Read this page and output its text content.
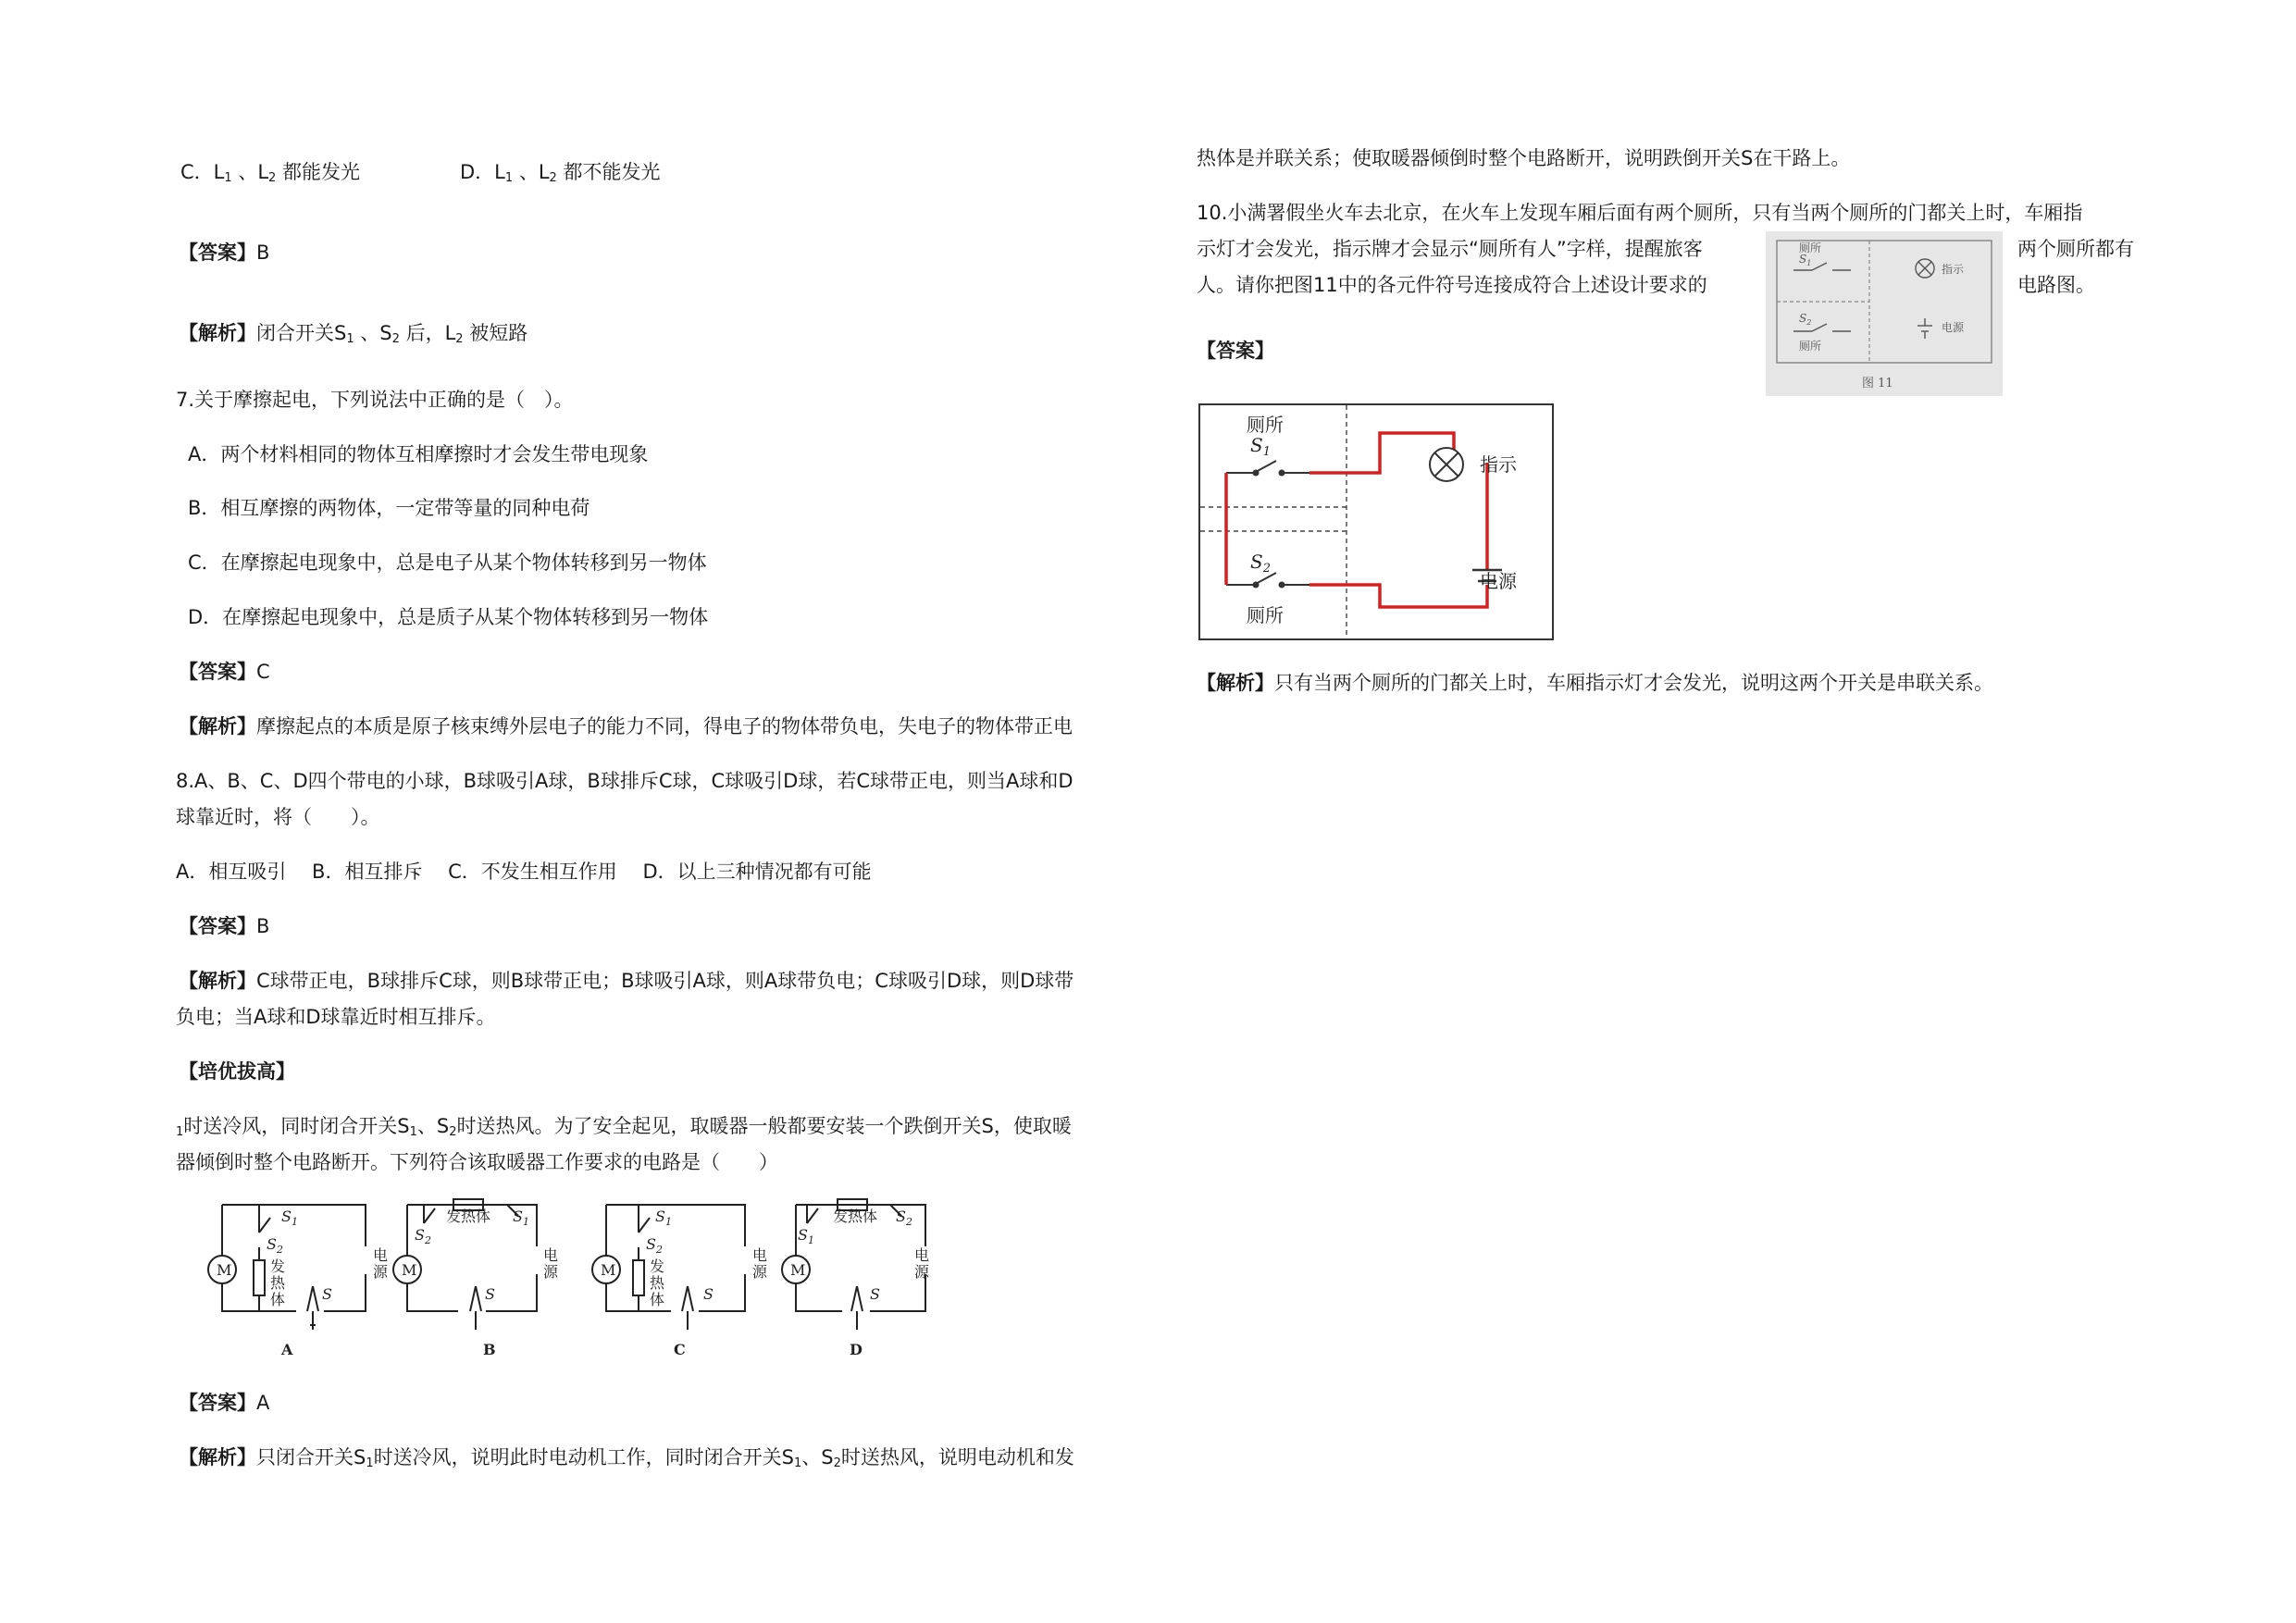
C．$L_1$ 、$L_2$ 都能发光	D．$L_1$ 、$L_2$ 都不能发光
【答案】B
【解析】闭合开关$S_1$ 、$S_2$ 后，$L_2$ 被短路
7.关于摩擦起电，下列说法中正确的是（　）。
A．两个材料相同的物体互相摩擦时才会发生带电现象
B．相互摩擦的两物体，一定带等量的同种电荷
C．在摩擦起电现象中，总是电子从某个物体转移到另一物体
D．在摩擦起电现象中，总是质子从某个物体转移到另一物体
【答案】C
【解析】摩擦起点的本质是原子核束缚外层电子的能力不同，得电子的物体带负电，失电子的物体带正电
8.A、B、C、D四个带电的小球，B球吸引A球，B球排斥C球，C球吸引D球，若C球带正电，则当A球和D
球靠近时，将（　　）。
A．相互吸引　 B．相互排斥　 C．不发生相互作用　 D．以上三种情况都有可能
【答案】B
【解析】C球带正电，B球排斥C球，则B球带正电；B球吸引A球，则A球带负电；C球吸引D球，则D球带
负电；当A球和D球靠近时相互排斥。
【培优拔高】
$_1$时送冷风，同时闭合开关$S_1$、$S_2$时送热风。为了安全起见，取暖器一般都要安装一个跌倒开关S，使取暖
器倾倒时整个电路断开。下列符合该取暖器工作要求的电路是（　　）
M
$S_1$
$S_2$
发
热
体
电
源
S
A
M
发热体
$S_2$
$S_1$
电
源
S
B
M
$S_1$
$S_2$
发
热
体
电
源
S
C
M
发热体
$S_1$
$S_2$
电
源
S
D
【答案】A
【解析】只闭合开关$S_1$时送冷风，说明此时电动机工作，同时闭合开关$S_1$、$S_2$时送热风，说明电动机和发
热体是并联关系；使取暖器倾倒时整个电路断开，说明跌倒开关S在干路上。
10.小满署假坐火车去北京，在火车上发现车厢后面有两个厕所，只有当两个厕所的门都关上时，车厢指
示灯才会发光，指示牌才会显示“厕所有人”字样，提醒旅客	两个厕所都有
人。请你把图11中的各元件符号连接成符合上述设计要求的	电路图。
厕所
$S_1$
$S_2$
厕所
指示
电源
图 11
【答案】
厕所
$S_1$
$S_2$
厕所
指示
电源
【解析】只有当两个厕所的门都关上时，车厢指示灯才会发光，说明这两个开关是串联关系。
